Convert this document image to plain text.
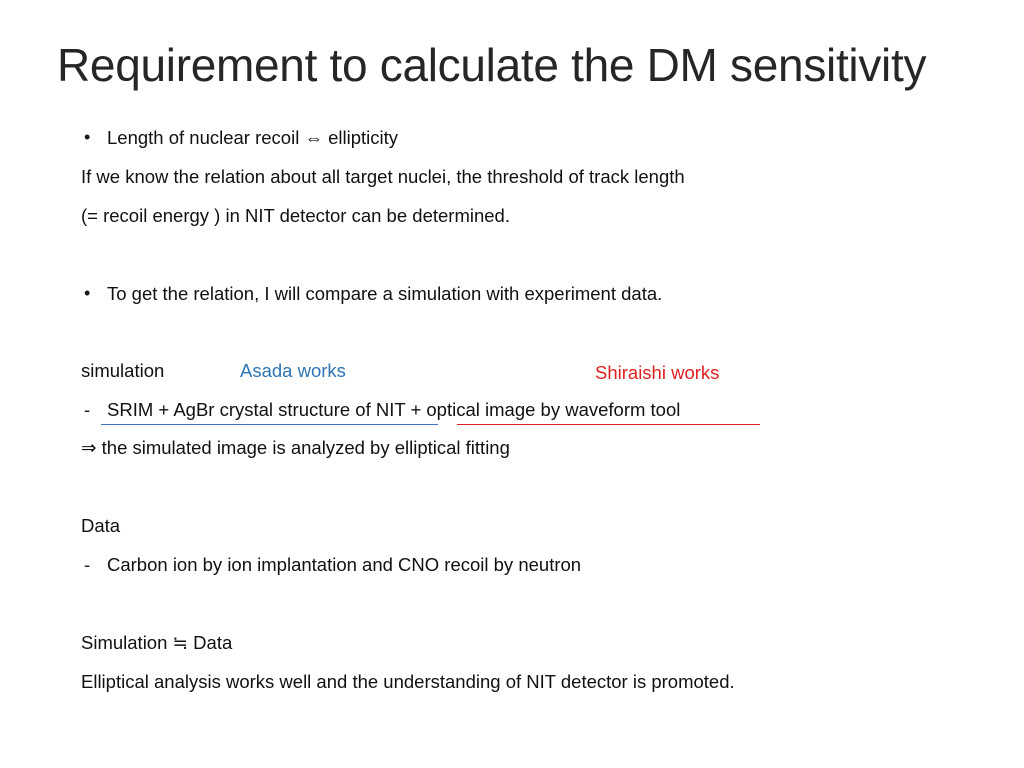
Requirement to calculate the DM sensitivity
• Length of nuclear recoil ⇔ ellipticity
If we know the relation about all target nuclei, the threshold of track length
(= recoil energy ) in NIT detector can be determined.
• To get the relation, I will compare a simulation with experiment data.
simulation	Asada works	Shiraishi works
- SRIM + AgBr crystal structure of NIT + optical image by waveform tool
⇒ the simulated image is analyzed by elliptical fitting
Data
- Carbon ion by ion implantation and CNO recoil by neutron
Simulation ≒ Data
Elliptical analysis works well and the understanding of NIT detector is promoted.
